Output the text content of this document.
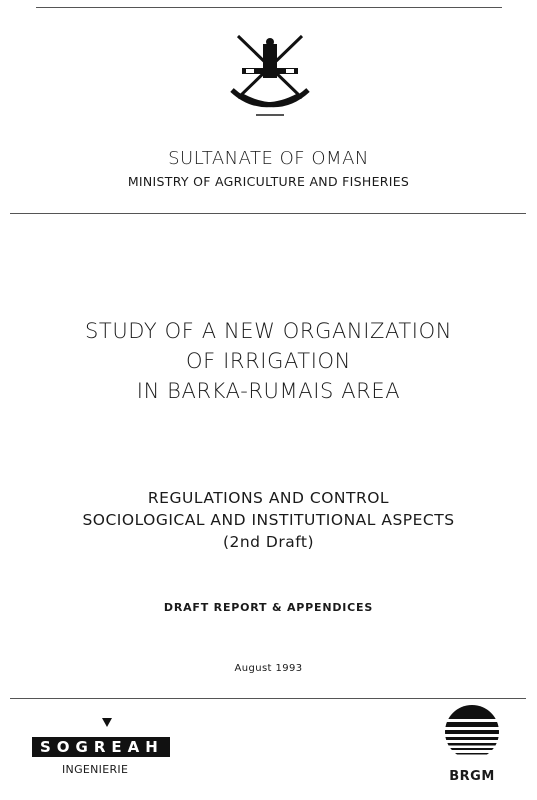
SULTANATE OF OMAN
MINISTRY OF AGRICULTURE AND FISHERIES
STUDY OF A NEW ORGANIZATION
OF IRRIGATION
IN BARKA-RUMAIS AREA
REGULATIONS AND CONTROL
SOCIOLOGICAL AND INSTITUTIONAL ASPECTS
(2nd Draft)
DRAFT REPORT & APPENDICES
August 1993
SOGREAH
INGENIERIE	BRGM
